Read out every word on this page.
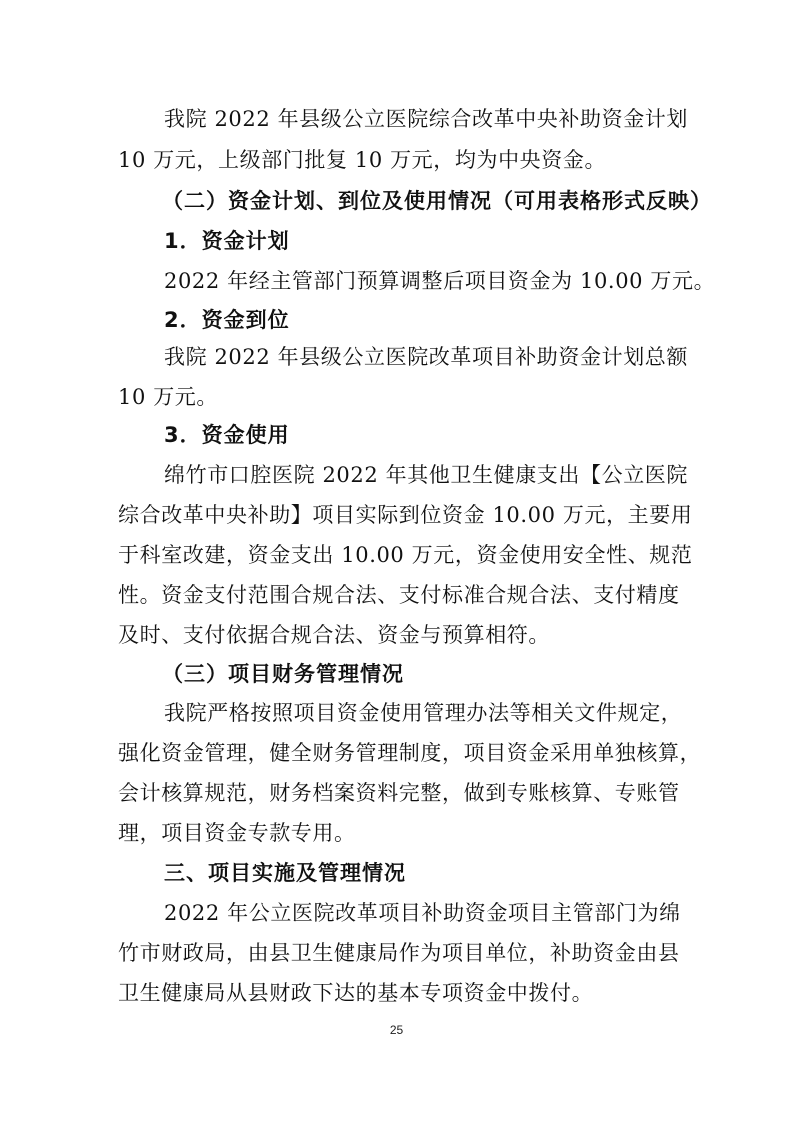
我院 2022 年县级公立医院综合改革中央补助资金计划
10 万元，上级部门批复 10 万元，均为中央资金。
（二）资金计划、到位及使用情况（可用表格形式反映）
1．资金计划
2022 年经主管部门预算调整后项目资金为 10.00 万元。
2．资金到位
我院 2022 年县级公立医院改革项目补助资金计划总额
10 万元。
3．资金使用
绵竹市口腔医院 2022 年其他卫生健康支出【公立医院
综合改革中央补助】项目实际到位资金 10.00 万元，主要用
于科室改建，资金支出 10.00 万元，资金使用安全性、规范
性。资金支付范围合规合法、支付标准合规合法、支付精度
及时、支付依据合规合法、资金与预算相符。
（三）项目财务管理情况
我院严格按照项目资金使用管理办法等相关文件规定，
强化资金管理，健全财务管理制度，项目资金采用单独核算，
会计核算规范，财务档案资料完整，做到专账核算、专账管
理，项目资金专款专用。
三、项目实施及管理情况
2022 年公立医院改革项目补助资金项目主管部门为绵
竹市财政局，由县卫生健康局作为项目单位，补助资金由县
卫生健康局从县财政下达的基本专项资金中拨付。
25
